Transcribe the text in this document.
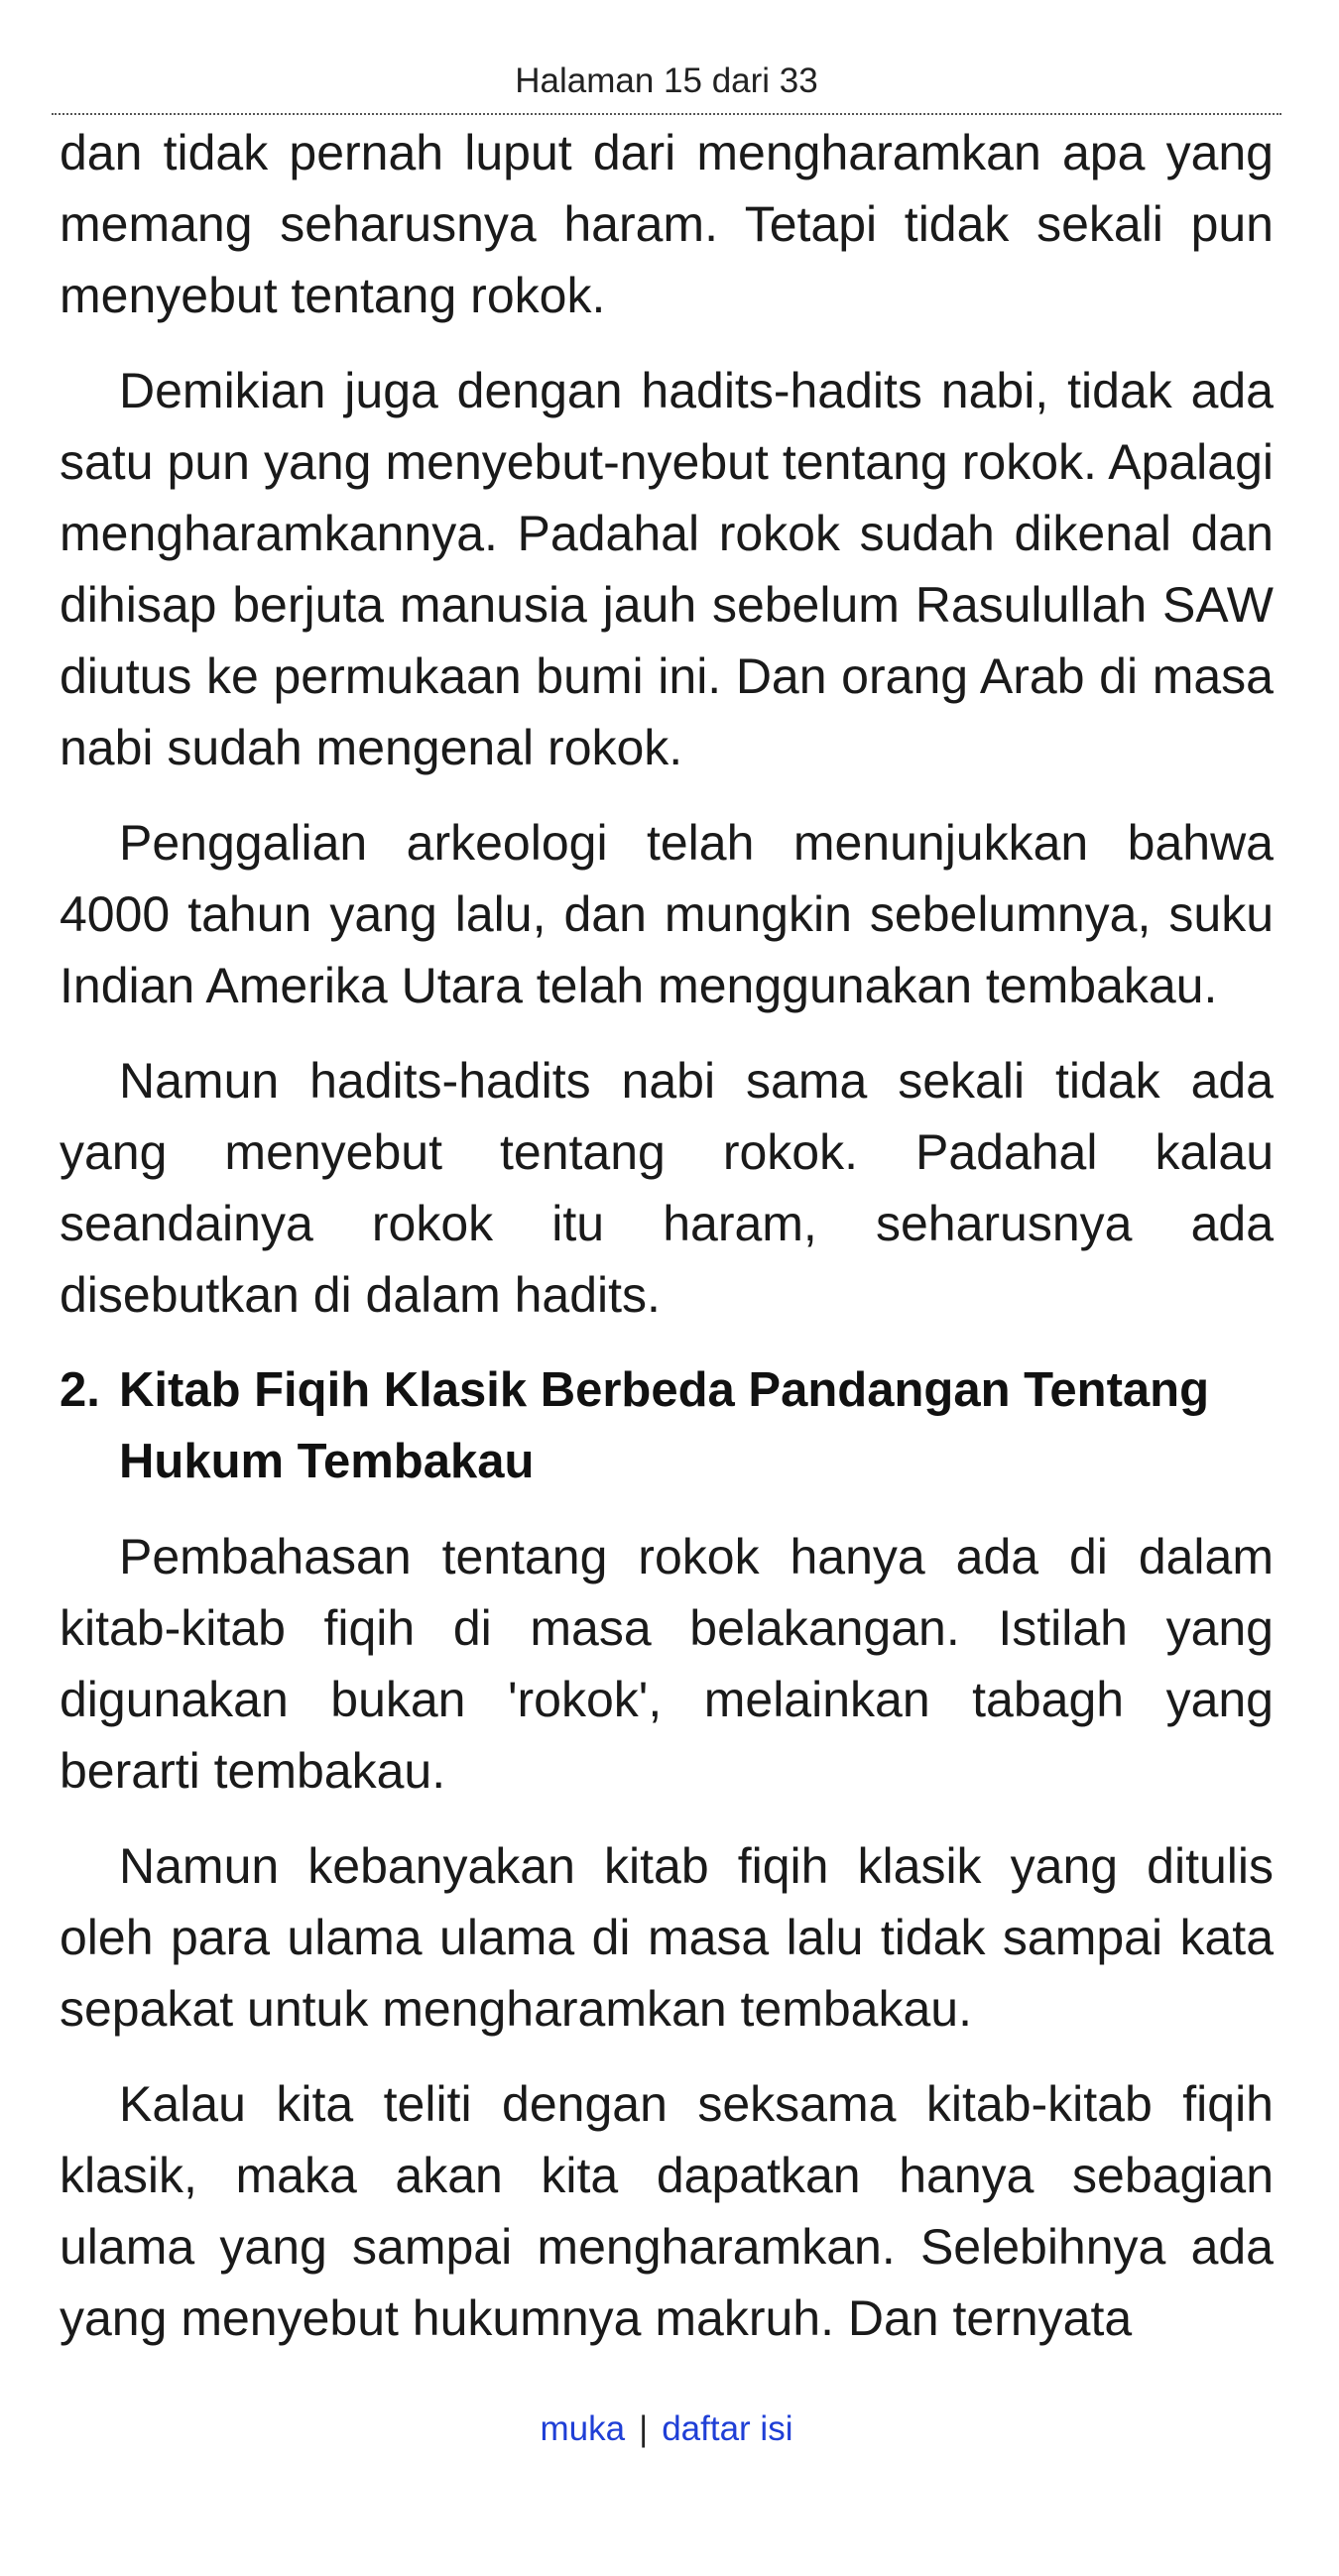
Halaman 15 dari 33

dan tidak pernah luput dari mengharamkan apa yang memang seharusnya haram. Tetapi tidak sekali pun menyebut tentang rokok.

Demikian juga dengan hadits-hadits nabi, tidak ada satu pun yang menyebut-nyebut tentang rokok. Apalagi mengharamkannya. Padahal rokok sudah dikenal dan dihisap berjuta manusia jauh sebelum Rasulullah SAW diutus ke permukaan bumi ini. Dan orang Arab di masa nabi sudah mengenal rokok.

Penggalian arkeologi telah menunjukkan bahwa 4000 tahun yang lalu, dan mungkin sebelumnya, suku Indian Amerika Utara telah menggunakan tembakau.

Namun hadits-hadits nabi sama sekali tidak ada yang menyebut tentang rokok. Padahal kalau seandainya rokok itu haram, seharusnya ada disebutkan di dalam hadits.

2. Kitab Fiqih Klasik Berbeda Pandangan Tentang Hukum Tembakau

Pembahasan tentang rokok hanya ada di dalam kitab-kitab fiqih di masa belakangan. Istilah yang digunakan bukan 'rokok', melainkan tabagh yang berarti tembakau.

Namun kebanyakan kitab fiqih klasik yang ditulis oleh para ulama ulama di masa lalu tidak sampai kata sepakat untuk mengharamkan tembakau.

Kalau kita teliti dengan seksama kitab-kitab fiqih klasik, maka akan kita dapatkan hanya sebagian ulama yang sampai mengharamkan. Selebihnya ada yang menyebut hukumnya makruh. Dan ternyata

muka | daftar isi
